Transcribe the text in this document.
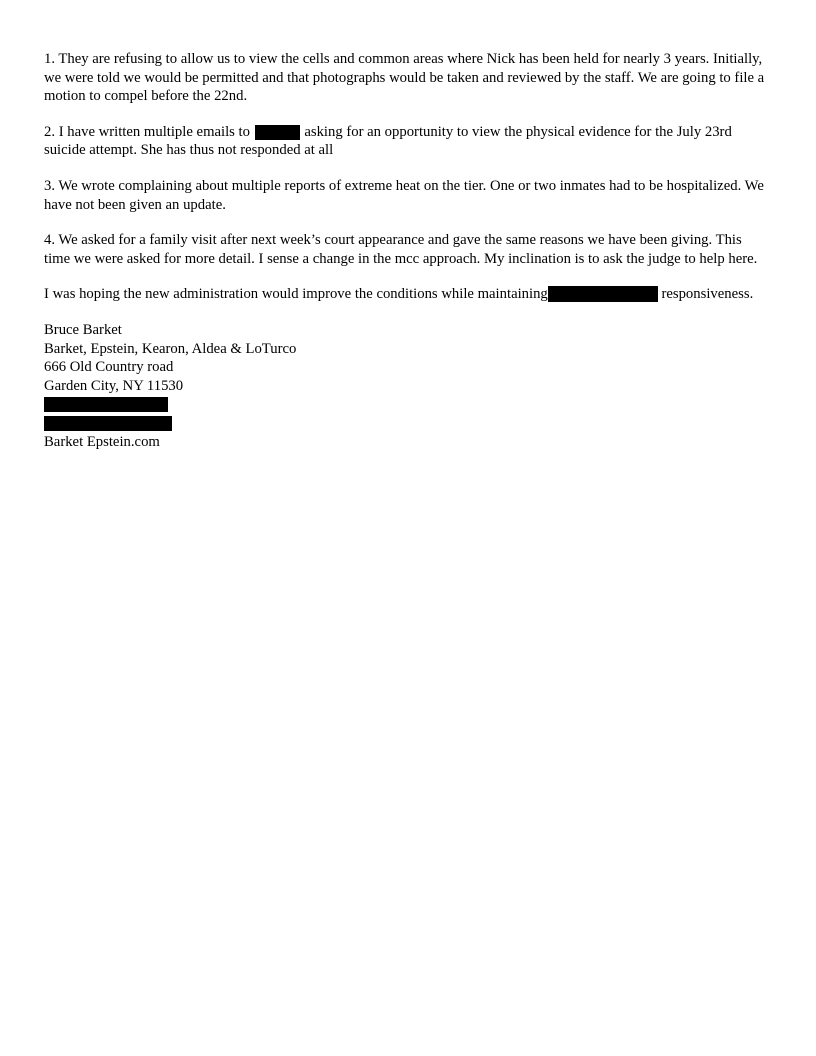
1. They are refusing to allow us to view the cells and common areas where Nick has been held for nearly 3 years. Initially, we were told we would be permitted and that photographs would be taken and reviewed by the staff. We are going to file a motion to compel before the 22nd.

2. I have written multiple emails to	asking for an opportunity to view the physical evidence for the July 23rd suicide attempt. She has thus not responded at all

3. We wrote complaining about multiple reports of extreme heat on the tier. One or two inmates had to be hospitalized. We have not been given an update.

4. We asked for a family visit after next week’s court appearance and gave the same reasons we have been giving. This time we were asked for more detail. I sense a change in the mcc approach. My inclination is to ask the judge to help here.

I was hoping the new administration would improve the conditions while maintaining	responsiveness.

Bruce Barket
Barket, Epstein, Kearon, Aldea & LoTurco
666 Old Country road
Garden City, NY 11530
Barket Epstein.com
